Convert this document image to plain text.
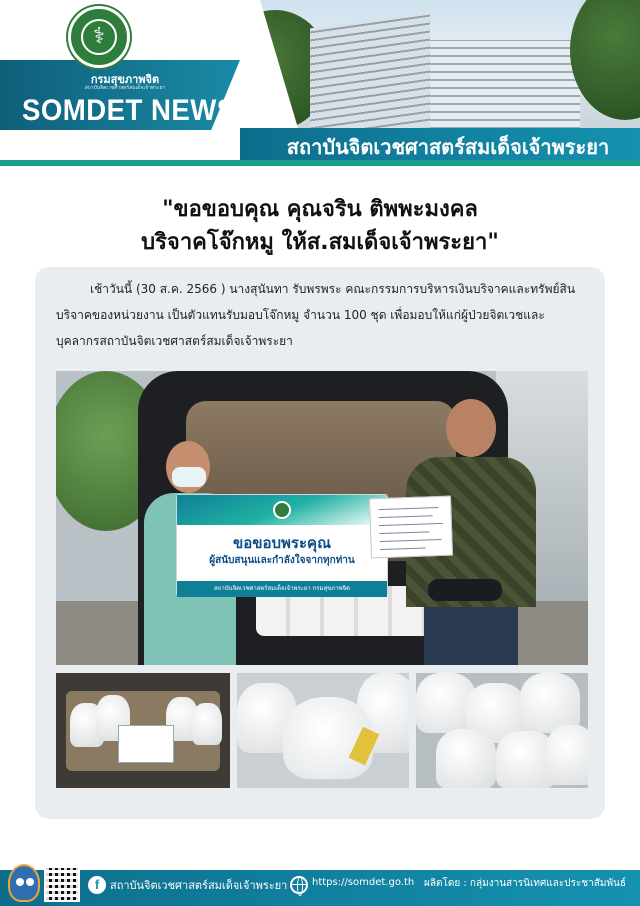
⚕
กรมสุขภาพจิต
สถาบันจิตเวชศาสตร์สมเด็จเจ้าพระยา
SOMDET NEWS
สถาบันจิตเวชศาสตร์สมเด็จเจ้าพระยา
"ขอขอบคุณ คุณจริน ติพพะมงคล
บริจาคโจ๊กหมู ให้ส.สมเด็จเจ้าพระยา"

เช้าวันนี้ (30 ส.ค. 2566 ) นางสุนันทา รับพรพระ คณะกรรมการบริหารเงินบริจาคและทรัพย์สิน

บริจาคของหน่วยงาน เป็นตัวแทนรับมอบโจ๊กหมู จำนวน 100 ชุด เพื่อมอบให้แก่ผู้ป่วยจิตเวชและ

บุคลากรสถาบันจิตเวชศาสตร์สมเด็จเจ้าพระยา

ขอขอบพระคุณ
ผู้สนับสนุนและกำลังใจจากทุกท่าน
สถาบันจิตเวชศาสตร์สมเด็จเจ้าพระยา กรมสุขภาพจิต
f สถาบันจิตเวชศาสตร์สมเด็จเจ้าพระยา https://somdet.go.th ผลิตโดย : กลุ่มงานสารนิเทศและประชาสัมพันธ์
